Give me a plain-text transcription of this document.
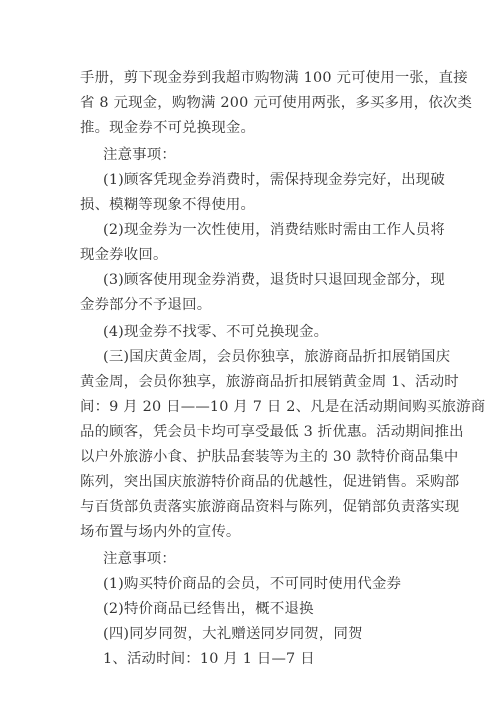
手册，剪下现金券到我超市购物满 100 元可使用一张，直接
省 8 元现金，购物满 200 元可使用两张，多买多用，依次类
推。现金券不可兑换现金。
注意事项：
(1)顾客凭现金券消费时，需保持现金券完好，出现破
损、模糊等现象不得使用。
(2)现金券为一次性使用，消费结账时需由工作人员将
现金券收回。
(3)顾客使用现金券消费，退货时只退回现金部分，现
金券部分不予退回。
(4)现金券不找零、不可兑换现金。
(三)国庆黄金周，会员你独享，旅游商品折扣展销国庆
黄金周，会员你独享，旅游商品折扣展销黄金周 1、活动时
间：9 月 20 日——10 月 7 日 2、凡是在活动期间购买旅游商
品的顾客，凭会员卡均可享受最低 3 折优惠。活动期间推出
以户外旅游小食、护肤品套装等为主的 30 款特价商品集中
陈列，突出国庆旅游特价商品的优越性，促进销售。采购部
与百货部负责落实旅游商品资料与陈列，促销部负责落实现
场布置与场内外的宣传。
注意事项：
(1)购买特价商品的会员，不可同时使用代金券
(2)特价商品已经售出，概不退换
(四)同岁同贺，大礼赠送同岁同贺，同贺
1、活动时间：10 月 1 日—7 日
